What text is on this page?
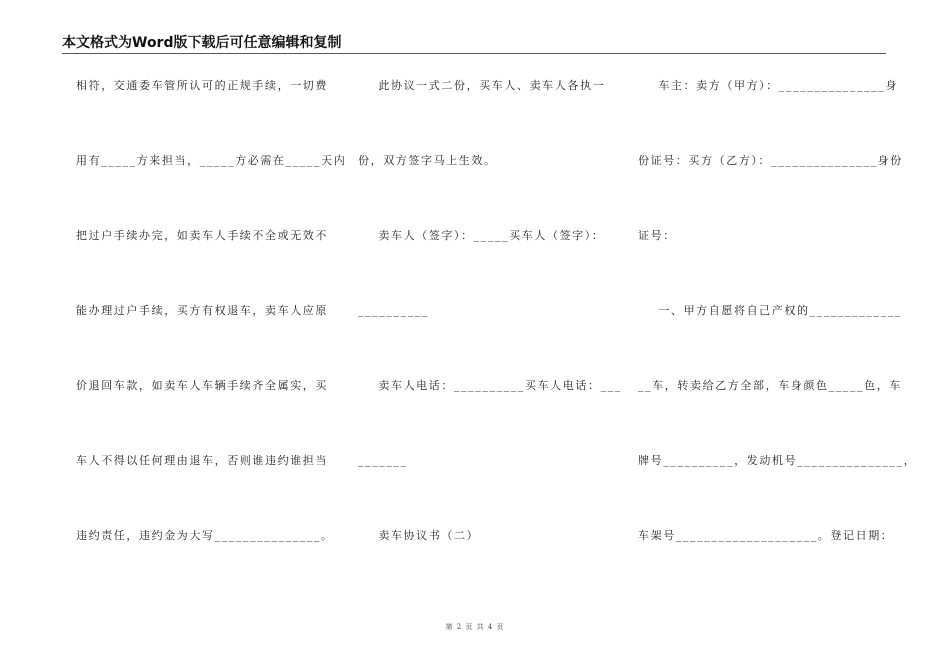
本文格式为Word版下载后可任意编辑和复制
相符，交通委车管所认可的正规手续，一切费
用有_____方来担当，_____方必需在_____天内
把过户手续办完，如卖车人手续不全或无效不
能办理过户手续，买方有权退车，卖车人应原
价退回车款，如卖车人车辆手续齐全属实，买
车人不得以任何理由退车，否则谁违约谁担当
违约责任，违约金为大写_______________。
此协议一式二份，买车人、卖车人各执一
份，双方签字马上生效。
卖车人（签字）：_____买车人（签字）：
__________
卖车人电话：__________买车人电话：___
_______
卖车协议书（二）
车主：卖方（甲方）：_______________身
份证号：买方（乙方）：_______________身份
证号：
一、甲方自愿将自己产权的_____________
__车，转卖给乙方全部，车身颜色_____色，车
牌号__________，发动机号_______________，
车架号____________________。登记日期：
第 2 页 共 4 页
